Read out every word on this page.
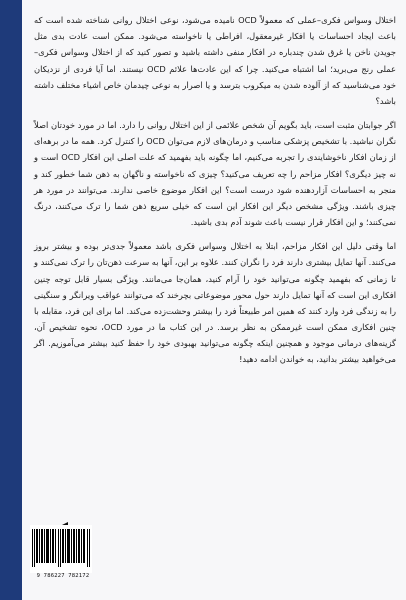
اختلال وسواس فکری–عملی که معمولاً OCD نامیده می‌شود، نوعی اختلال روانی شناخته شده است که باعث ایجاد احساسات یا افکار غیرمعقول، افراطی یا ناخواسته می‌شود. ممکن است عادت بدی مثل جویدن ناخن یا غرق شدن چندباره در افکار منفی داشته باشید و تصور کنید که از اختلال وسواس فکری–عملی رنج می‌برید؛ اما اشتباه می‌کنید. چرا که این عادت‌ها علائم OCD نیستند. اما آیا فردی از نزدیکان خود می‌شناسید که از آلوده شدن به میکروب بترسد و یا اصرار به نوعی چیدمان خاص اشیاء مختلف داشته باشد؟

اگر جوابتان مثبت است، باید بگویم آن شخص علائمی از این اختلال روانی را دارد. اما در مورد خودتان اصلاً نگران نباشید. با تشخیص پزشکی مناسب و درمان‌های لازم می‌توان OCD را کنترل کرد. همه ما در برهه‌ای از زمان افکار ناخوشایندی را تجربه می‌کنیم، اما چگونه باید بفهمید که علت اصلی این افکار OCD است و نه چیز دیگری؟ افکار مزاحم را چه تعریف می‌کنید؟ چیزی که ناخواسته و ناگهان به ذهن شما خطور کند و منجر به احساسات آزاردهنده شود درست است؟ این افکار موضوع خاصی ندارند. می‌توانند در مورد هر چیزی باشند. ویژگی مشخص دیگر این افکار این است که خیلی سریع ذهن شما را ترک می‌کنند، درنگ نمی‌کنند؛ و این افکار قرار نیست باعث شوند آدم بدی باشید.

اما وقتی دلیل این افکار مزاحم، ابتلا به اختلال وسواس فکری باشد معمولاً جدی‌تر بوده و بیشتر بروز می‌کنند. آنها تمایل بیشتری دارند فرد را نگران کنند. علاوه بر این، آنها به سرعت ذهن‌تان را ترک نمی‌کنند و تا زمانی که بفهمید چگونه می‌توانید خود را آرام کنید، همان‌جا می‌مانند. ویژگی بسیار قابل توجه چنین افکاری این است که آنها تمایل دارند حول محور موضوعاتی بچرخند که می‌توانند عواقب ویرانگر و سنگینی را به زندگی فرد وارد کنند که همین امر طبیعتاً فرد را بیشتر وحشت‌زده می‌کند. اما برای این فرد، مقابله با چنین افکاری ممکن است غیرممکن به نظر برسد. در این کتاب ما در مورد OCD، نحوه تشخیص آن، گزینه‌های درمانی موجود و همچنین اینکه چگونه می‌توانید بهبودی خود را حفظ کنید بیشتر می‌آموزیم. اگر می‌خواهید بیشتر بدانید، به خواندن ادامه دهید!

9 786227 782172
